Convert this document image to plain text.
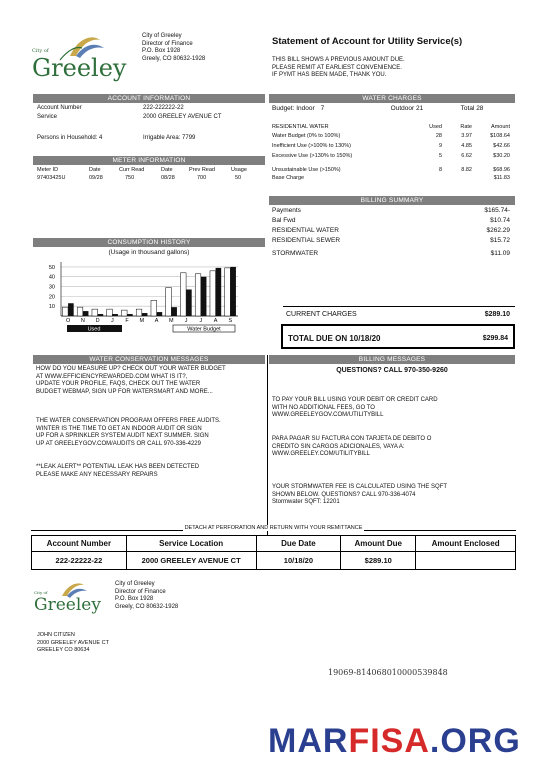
City of
Greeley
City of Greeley
Director of Finance
P.O. Box 1928
Greely, CO 80632-1928
Statement of Account for Utility Service(s)
THIS BILL SHOWS A PREVIOUS AMOUNT DUE.
PLEASE REMIT AT EARLIEST CONVENIENCE.
IF PYMT HAS BEEN MADE, THANK YOU.
ACCOUNT INFORMATION
Account Number	222-222222-22
Service	2000 GREELEY AVENUE CT
Persons in Household: 4	Irrigable Area: 7799
METER INFORMATION
Meter ID	Date	Curr Read	Date	Prev Read	Usage
97403425U	09/28	750	08/28	700	50
WATER CHARGES
Budget: Indoor 7	Outdoor 21	Total 28
RESIDENTIAL WATER	Used	Rate	Amount
Water Budget (0% to 100%)	28	3.97	$108.64
Inefficient Use (>100% to 130%)	9	4.85	$42.66
Excessive Use (>130% to 150%)	5	6.62	$30.20
Unsustainable Use (>150%)	8	8.82	$68.96
Base Charge	$11.83
BILLING SUMMARY
Payments	$165.74-
Bal Fwd	$10.74
RESIDENTIAL WATER	$262.29
RESIDENTIAL SEWER	$15.72
STORMWATER	$11.09
CURRENT CHARGES	$289.10
TOTAL DUE ON 10/18/20	$299.84
CONSUMPTION HISTORY
(Usage in thousand gallons)
10
20
30
40
50
O N D J F M A M J J A S
Used	Water Budget
WATER CONSERVATION MESSAGES
HOW DO YOU MEASURE UP? CHECK OUT YOUR WATER BUDGET
AT WWW.EFFICIENCYREWARDED.COM WHAT IS IT?,
UPDATE YOUR PROFILE, FAQS, CHECK OUT THE WATER
BUDGET WEBMAP, SIGN UP FOR WATERSMART AND MORE...
THE WATER CONSERVATION PROGRAM OFFERS FREE AUDITS.
WINTER IS THE TIME TO GET AN INDOOR AUDIT OR SIGN
UP FOR A SPRINKLER SYSTEM AUDIT NEXT SUMMER. SIGN
UP AT GREELEYGOV.COM/AUDITS OR CALL 970-336-4229
**LEAK ALERT** POTENTIAL LEAK HAS BEEN DETECTED
PLEASE MAKE ANY NECESSARY REPAIRS
BILLING MESSAGES
QUESTIONS? CALL 970-350-9260
TO PAY YOUR BILL USING YOUR DEBIT OR CREDIT CARD
WITH NO ADDITIONAL FEES, GO TO
WWW.GREELEYGOV.COM/UTILITYBILL
PARA PAGAR SU FACTURA CON TARJETA DE DEBITO O
CREDITO SIN CARGOS ADICIONALES, VAYA A:
WWW.GREELEY.COM/UTILITYBILL
YOUR STORMWATER FEE IS CALCULATED USING THE SQFT
SHOWN BELOW. QUESTIONS? CALL 970-336-4074
Stormwater SQFT: 12201
DETACH AT PERFORATION AND RETURN WITH YOUR REMITTANCE
Account Number	Service Location	Due Date	Amount Due	Amount Enclosed
222-22222-22	2000 GREELEY AVENUE CT	10/18/20	$289.10	
City of
Greeley
City of Greeley
Director of Finance
P.O. Box 1928
Greely, CO 80632-1928
JOHN CITIZEN
2000 GREELEY AVENUE CT
GREELEY CO 80634
19069-814068010000539848
MARFISA.ORG
